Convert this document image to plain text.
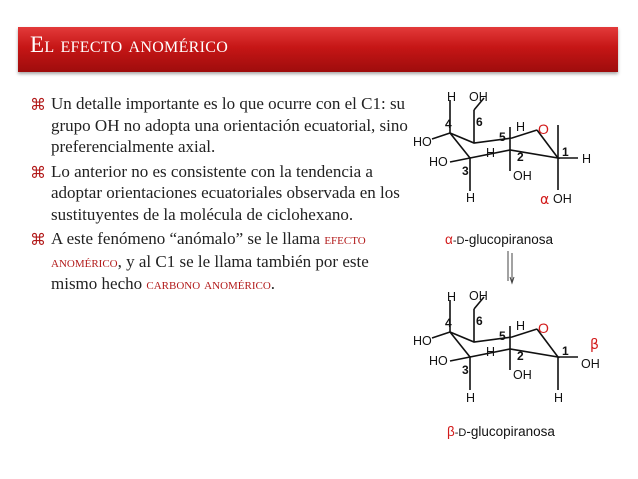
El efecto anomérico
⌘ Un detalle importante es lo que ocurre con el C1: su grupo OH no adopta una orientación ecuatorial, sino preferencialmente axial.
⌘ Lo anterior no es consistente con la tendencia a adoptar orientaciones ecuatoriales observada en los sustituyentes de la molécula de ciclohexano.
⌘ A este fenómeno “anómalo” se le llama efecto anomérico, y al C1 se le llama también por este mismo hecho carbono anomérico.
H OH
4 6
5
H O
HO
HO
H 2
3
1 H
OH
H	α OH
α-D-glucopiranosa
H OH
4 6
5
H O
HO
HO
H 2
3
1 β
OH
OH
H	H
β-D-glucopiranosa
